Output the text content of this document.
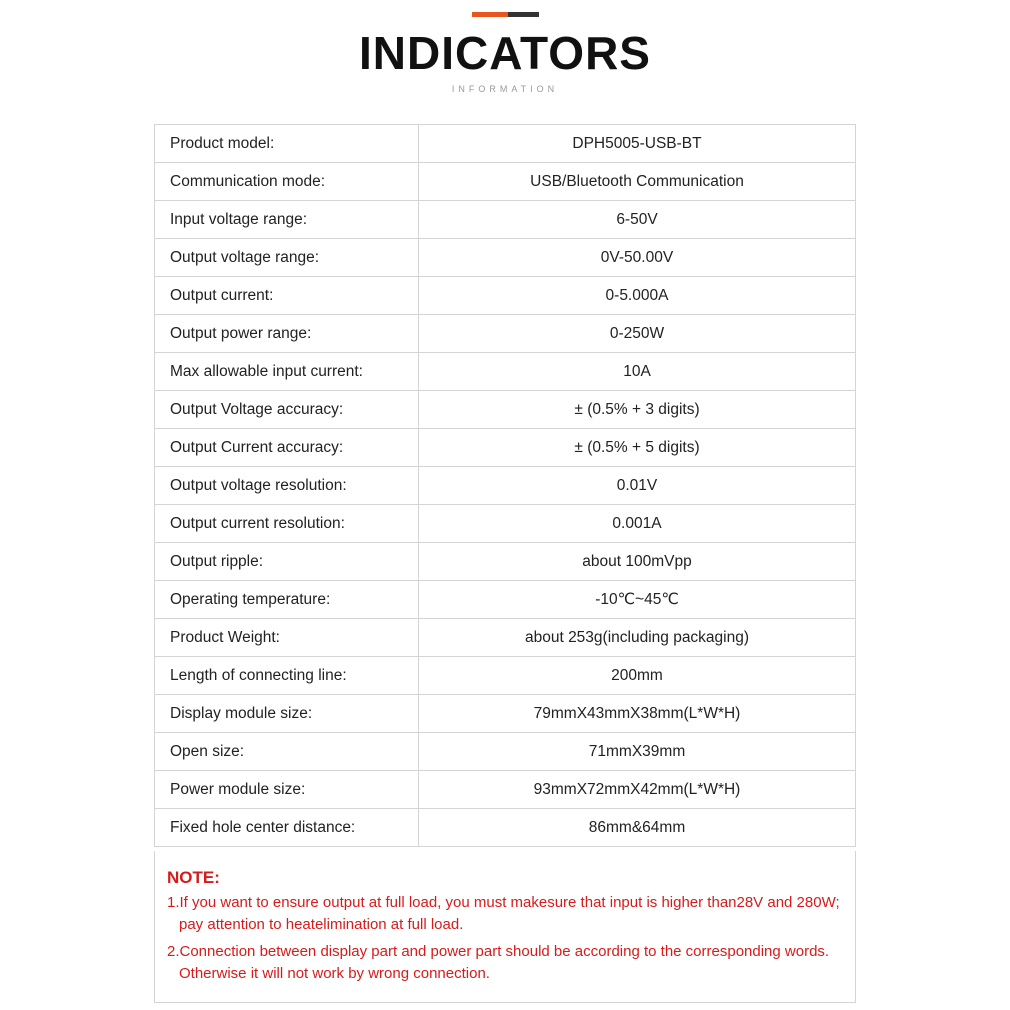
INDICATORS
INFORMATION
Product model:	DPH5005-USB-BT
Communication mode:	USB/Bluetooth Communication
Input voltage range:	6-50V
Output voltage range:	0V-50.00V
Output current:	0-5.000A
Output power range:	0-250W
Max allowable input current:	10A
Output Voltage accuracy:	± (0.5% + 3 digits)
Output Current accuracy:	± (0.5% + 5 digits)
Output voltage resolution:	0.01V
Output current resolution:	0.001A
Output ripple:	about 100mVpp
Operating temperature:	-10℃~45℃
Product Weight:	about 253g(including packaging)
Length of connecting line:	200mm
Display module size:	79mmX43mmX38mm(L*W*H)
Open size:	71mmX39mm
Power module size:	93mmX72mmX42mm(L*W*H)
Fixed hole center distance:	86mm&64mm
NOTE:
1.If you want to ensure output at full load, you must makesure that input is higher than28V and 280W; pay attention to heatelimination at full load.
2.Connection between display part and power part should be according to the corresponding words. Otherwise it will not work by wrong connection.
